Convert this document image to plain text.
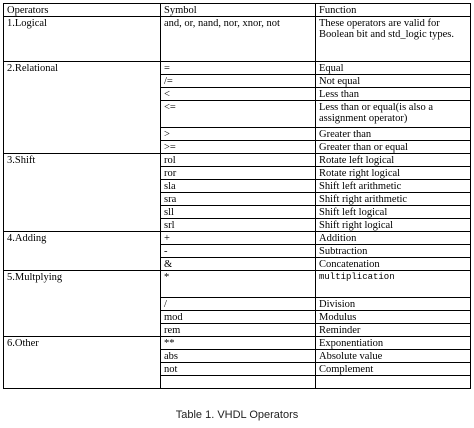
Operators	Symbol	Function
1.Logical	and, or, nand, nor, xnor, not	These operators are valid for Boolean bit and std_logic types.
2.Relational	=	Equal
	/=	Not equal
	<	Less than
	<=	Less than or equal(is also a assignment operator)
	>	Greater than
	>=	Greater than or equal
3.Shift	rol	Rotate left logical
	ror	Rotate right logical
	sla	Shift left arithmetic
	sra	Shift right arithmetic
	sll	Shift left logical
	srl	Shift right logical
4.Adding	+	Addition
	-	Subtraction
	&	Concatenation
5.Multplying	*	multiplication
	/	Division
	mod	Modulus
	rem	Reminder
6.Other	**	Exponentiation
	abs	Absolute value
	not	Complement

Table 1. VHDL Operators
